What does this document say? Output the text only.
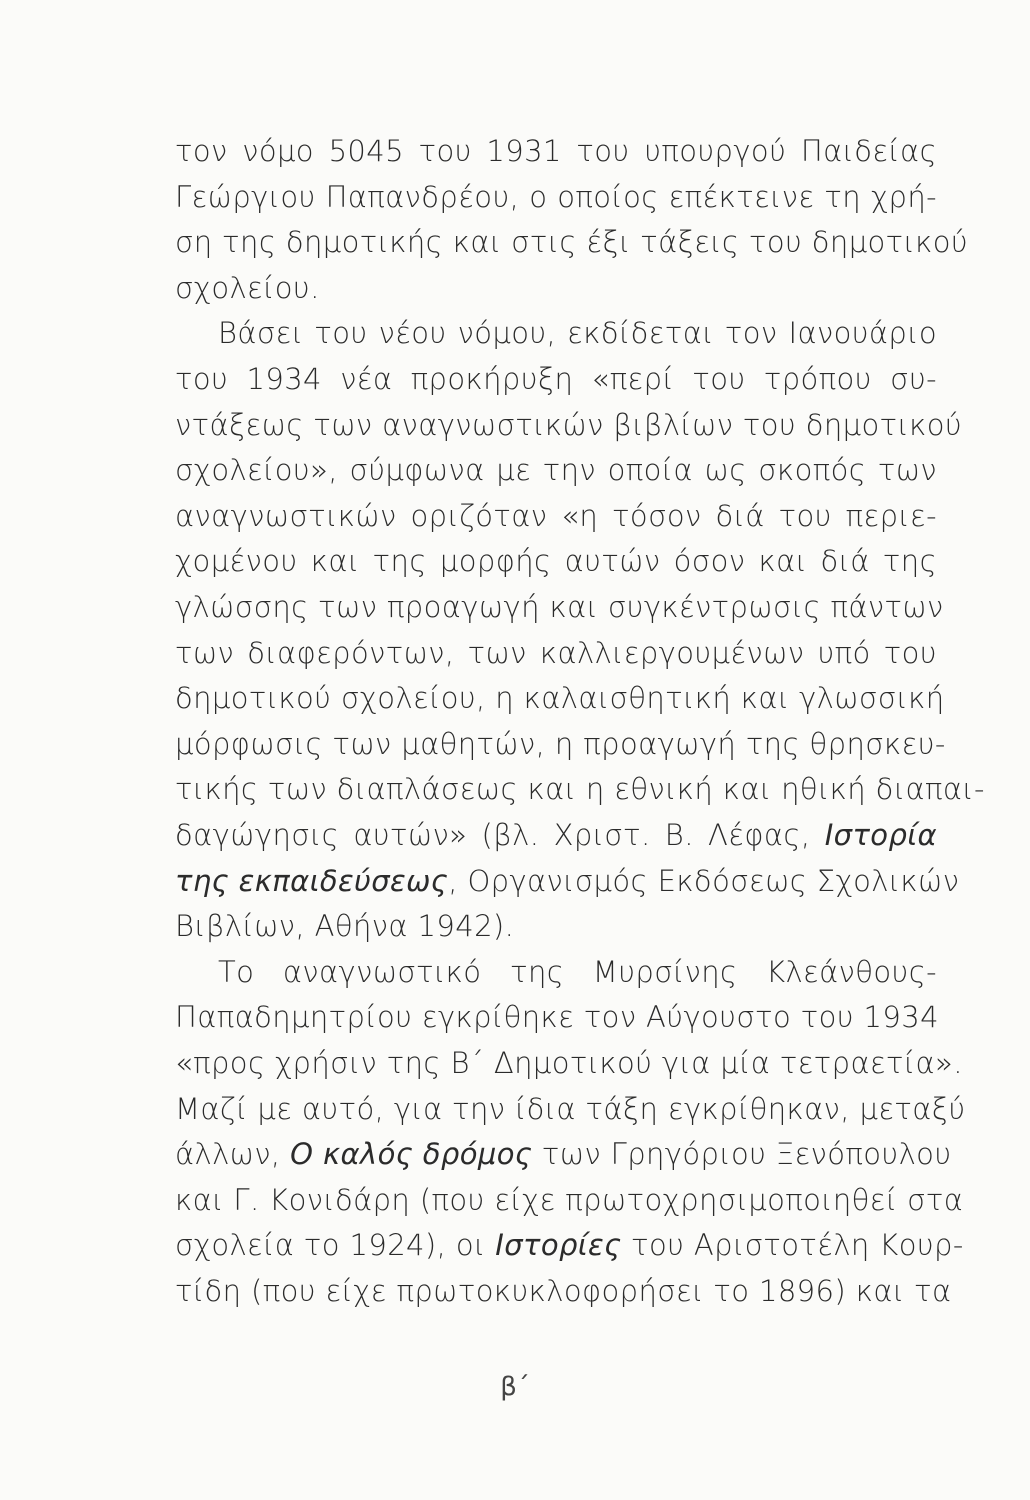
τον νόμο 5045 του 1931 του υπουργού Παιδείας
Γεώργιου Παπανδρέου, ο οποίος επέκτεινε τη χρή-
ση της δημοτικής και στις έξι τάξεις του δημοτικού
σχολείου.
Βάσει του νέου νόμου, εκδίδεται τον Ιανουάριο
του 1934 νέα προκήρυξη «περί του τρόπου συ-
ντάξεως των αναγνωστικών βιβλίων του δημοτικού
σχολείου», σύμφωνα με την οποία ως σκοπός των
αναγνωστικών οριζόταν «η τόσον διά του περιε-
χομένου και της μορφής αυτών όσον και διά της
γλώσσης των προαγωγή και συγκέντρωσις πάντων
των διαφερόντων, των καλλιεργουμένων υπό του
δημοτικού σχολείου, η καλαισθητική και γλωσσική
μόρφωσις των μαθητών, η προαγωγή της θρησκευ-
τικής των διαπλάσεως και η εθνική και ηθική διαπαι-
δαγώγησις αυτών» (βλ. Χριστ. Β. Λέφας, Ιστορία
της εκπαιδεύσεως, Οργανισμός Εκδόσεως Σχολικών
Βιβλίων, Αθήνα 1942).
Το αναγνωστικό της Μυρσίνης Κλεάνθους-
Παπαδημητρίου εγκρίθηκε τον Αύγουστο του 1934
«προς χρήσιν της Β΄ Δημοτικού για μία τετραετία».
Μαζί με αυτό, για την ίδια τάξη εγκρίθηκαν, μεταξύ
άλλων, Ο καλός δρόμος των Γρηγόριου Ξενόπουλου
και Γ. Κονιδάρη (που είχε πρωτοχρησιμοποιηθεί στα
σχολεία το 1924), οι Ιστορίες του Αριστοτέλη Κουρ-
τίδη (που είχε πρωτοκυκλοφορήσει το 1896) και τα
β΄
